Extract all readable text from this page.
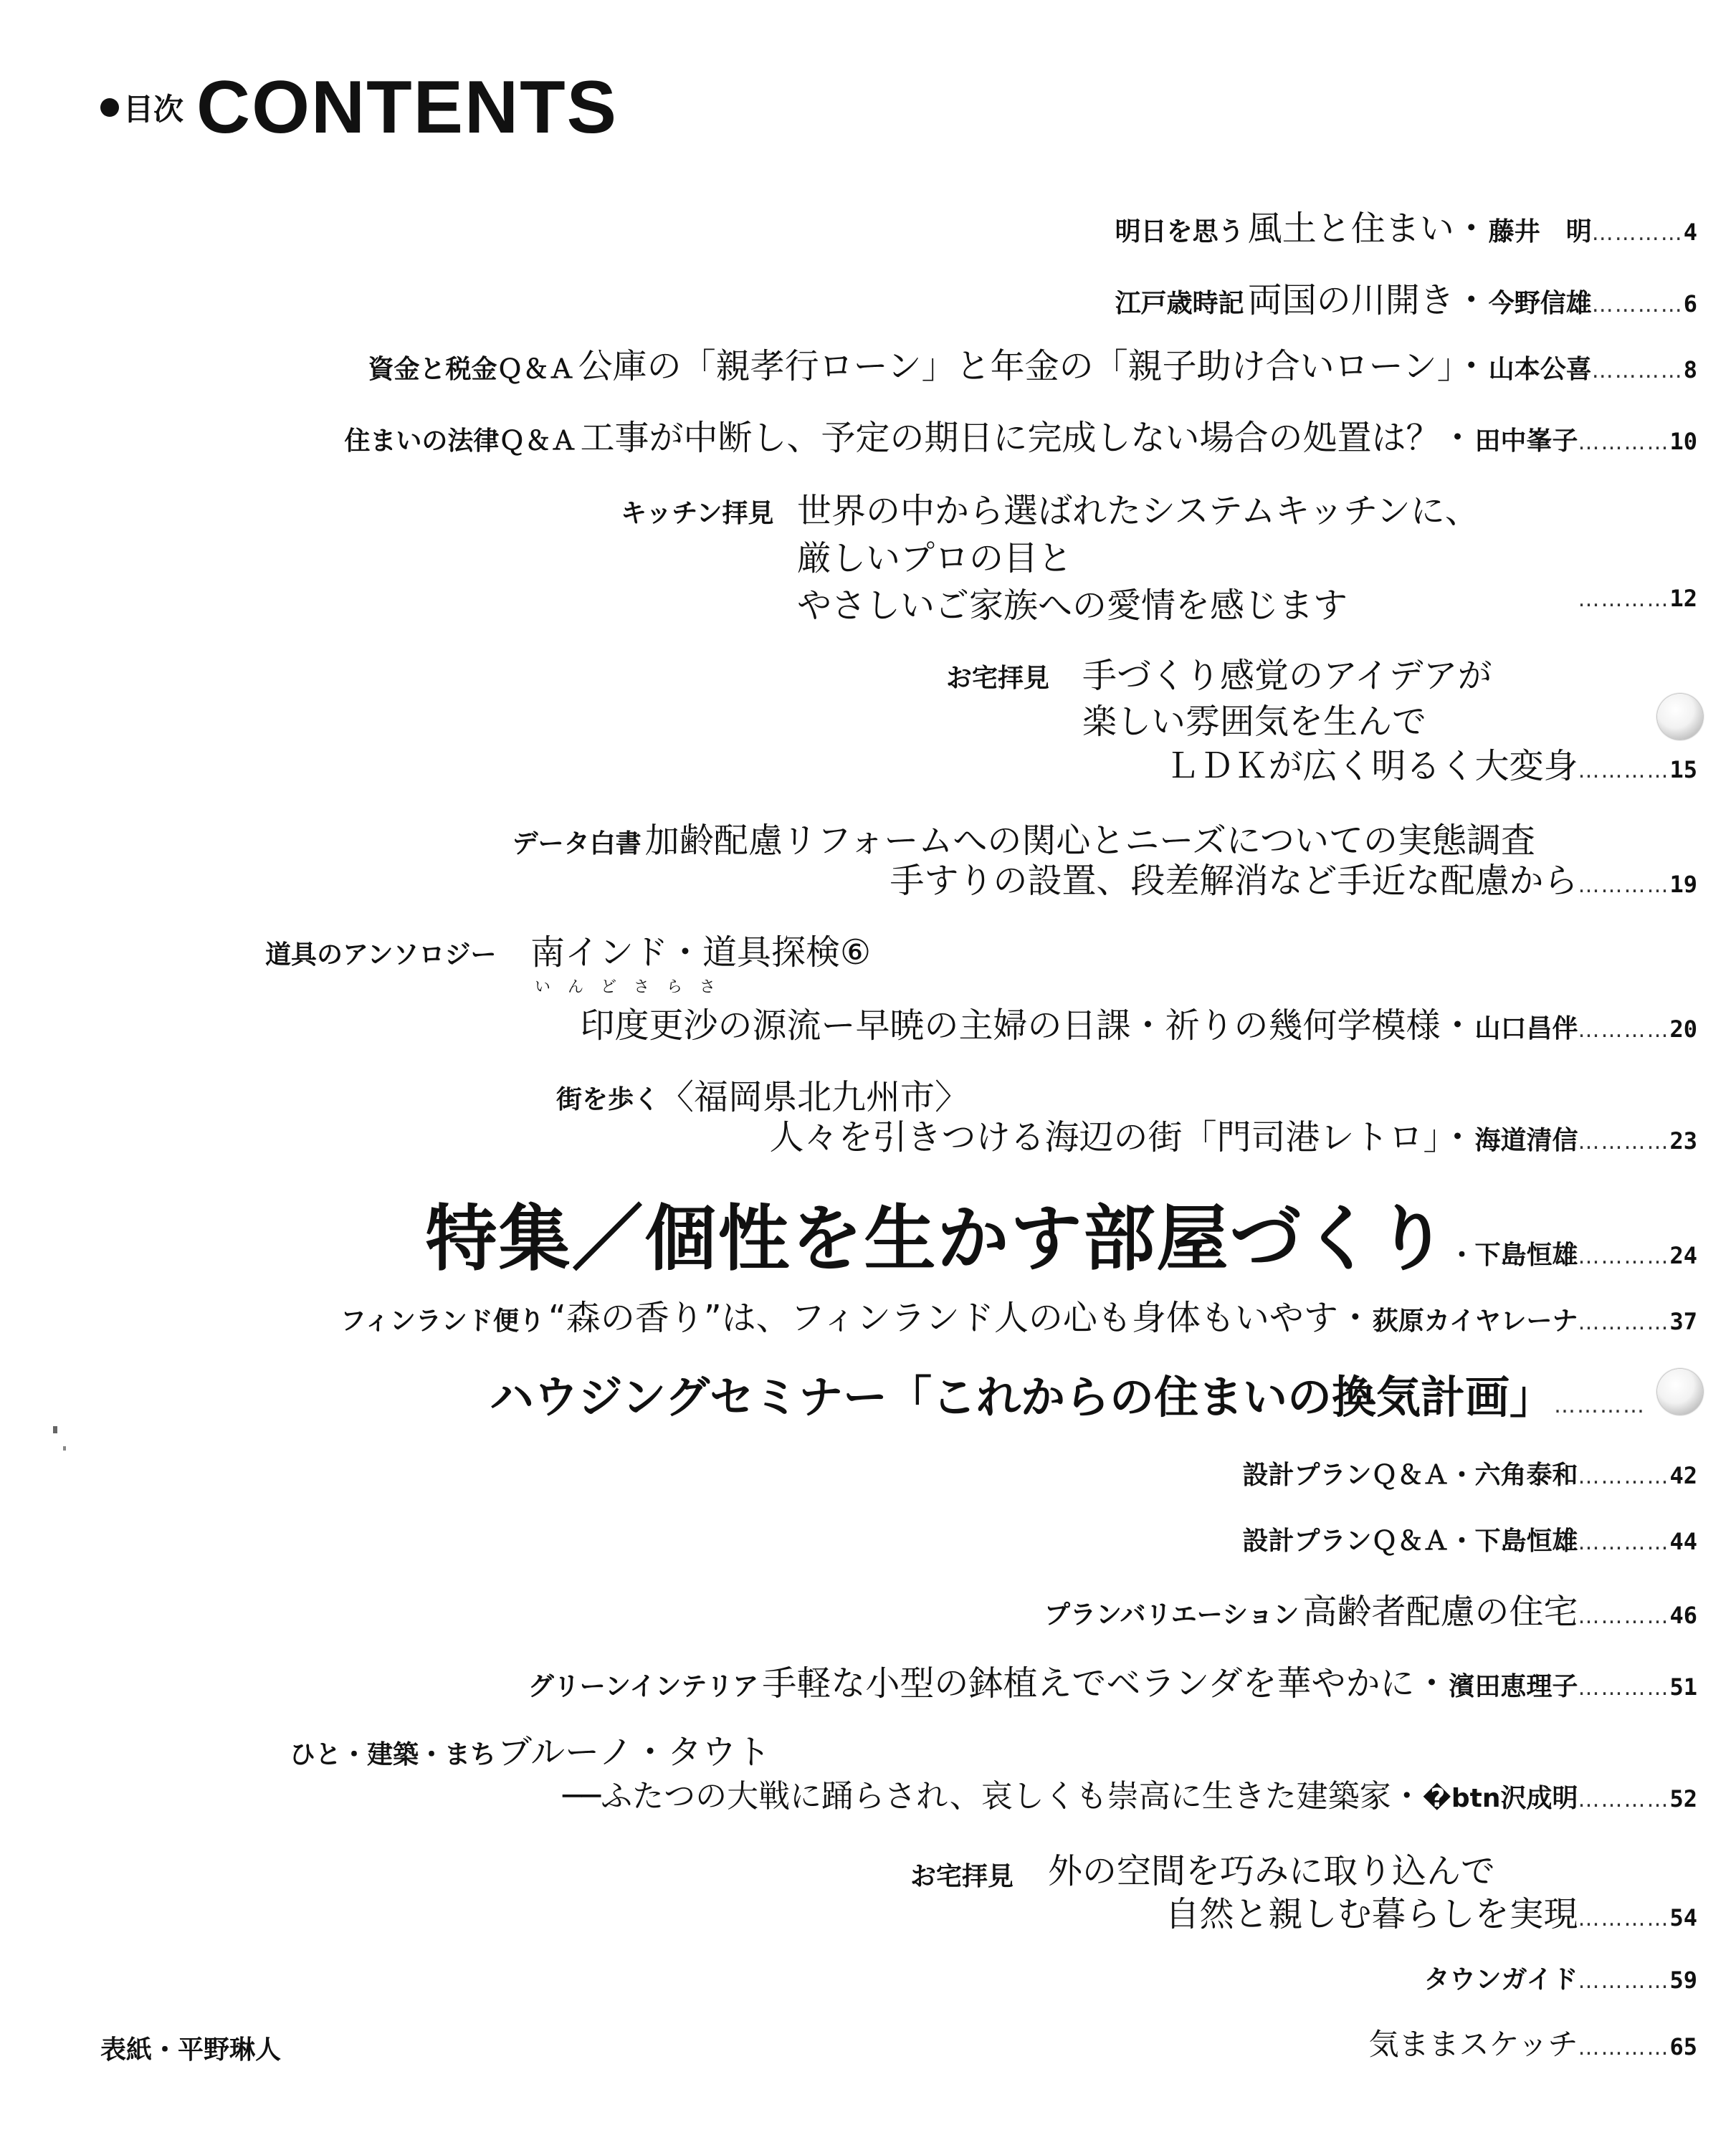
目次 CONTENTS
明日を思う 風土と住まい・藤井　明…………4
江戸歳時記 両国の川開き・今野信雄…………6
資金と税金Ｑ＆Ａ 公庫の「親孝行ローン」と年金の「親子助け合いローン」・山本公喜…………8
住まいの法律Ｑ＆Ａ 工事が中断し、予定の期日に完成しない場合の処置は？・田中峯子…………10
キッチン拝見 世界の中から選ばれたシステムキッチンに、
厳しいプロの目と
やさしいご家族への愛情を感じます	…………12
お宅拝見 手づくり感覚のアイデアが
楽しい雰囲気を生んで
ＬＤＫが広く明るく大変身…………15
データ白書 加齢配慮リフォームへの関心とニーズについての実態調査
手すりの設置、段差解消など手近な配慮から…………19
道具のアンソロジー 南インド・道具探検⑥
いんどさらさ
印度更沙の源流ー早暁の主婦の日課・祈りの幾何学模様・山口昌伴…………20
街を歩く 〈福岡県北九州市〉
人々を引きつける海辺の街「門司港レトロ」・海道清信…………23
特集／個性を生かす部屋づくり・下島恒雄…………24
フィンランド便り “森の香り”は、フィンランド人の心も身体もいやす・荻原カイヤレーナ…………37
ハウジングセミナー「これからの住まいの換気計画」…………
設計プランＱ＆Ａ・六角泰和…………42
設計プランＱ＆Ａ・下島恒雄…………44
プランバリエーション 高齢者配慮の住宅…………46
グリーンインテリア 手軽な小型の鉢植えでベランダを華やかに・濱田恵理子…………51
ひと・建築・まち ブルーノ・タウト
──ふたつの大戦に踊らされ、哀しくも崇高に生きた建築家・�btn沢成明…………52
お宅拝見 外の空間を巧みに取り込んで
自然と親しむ暮らしを実現…………54
タウンガイド…………59
表紙・平野琳人	気ままスケッチ…………65
